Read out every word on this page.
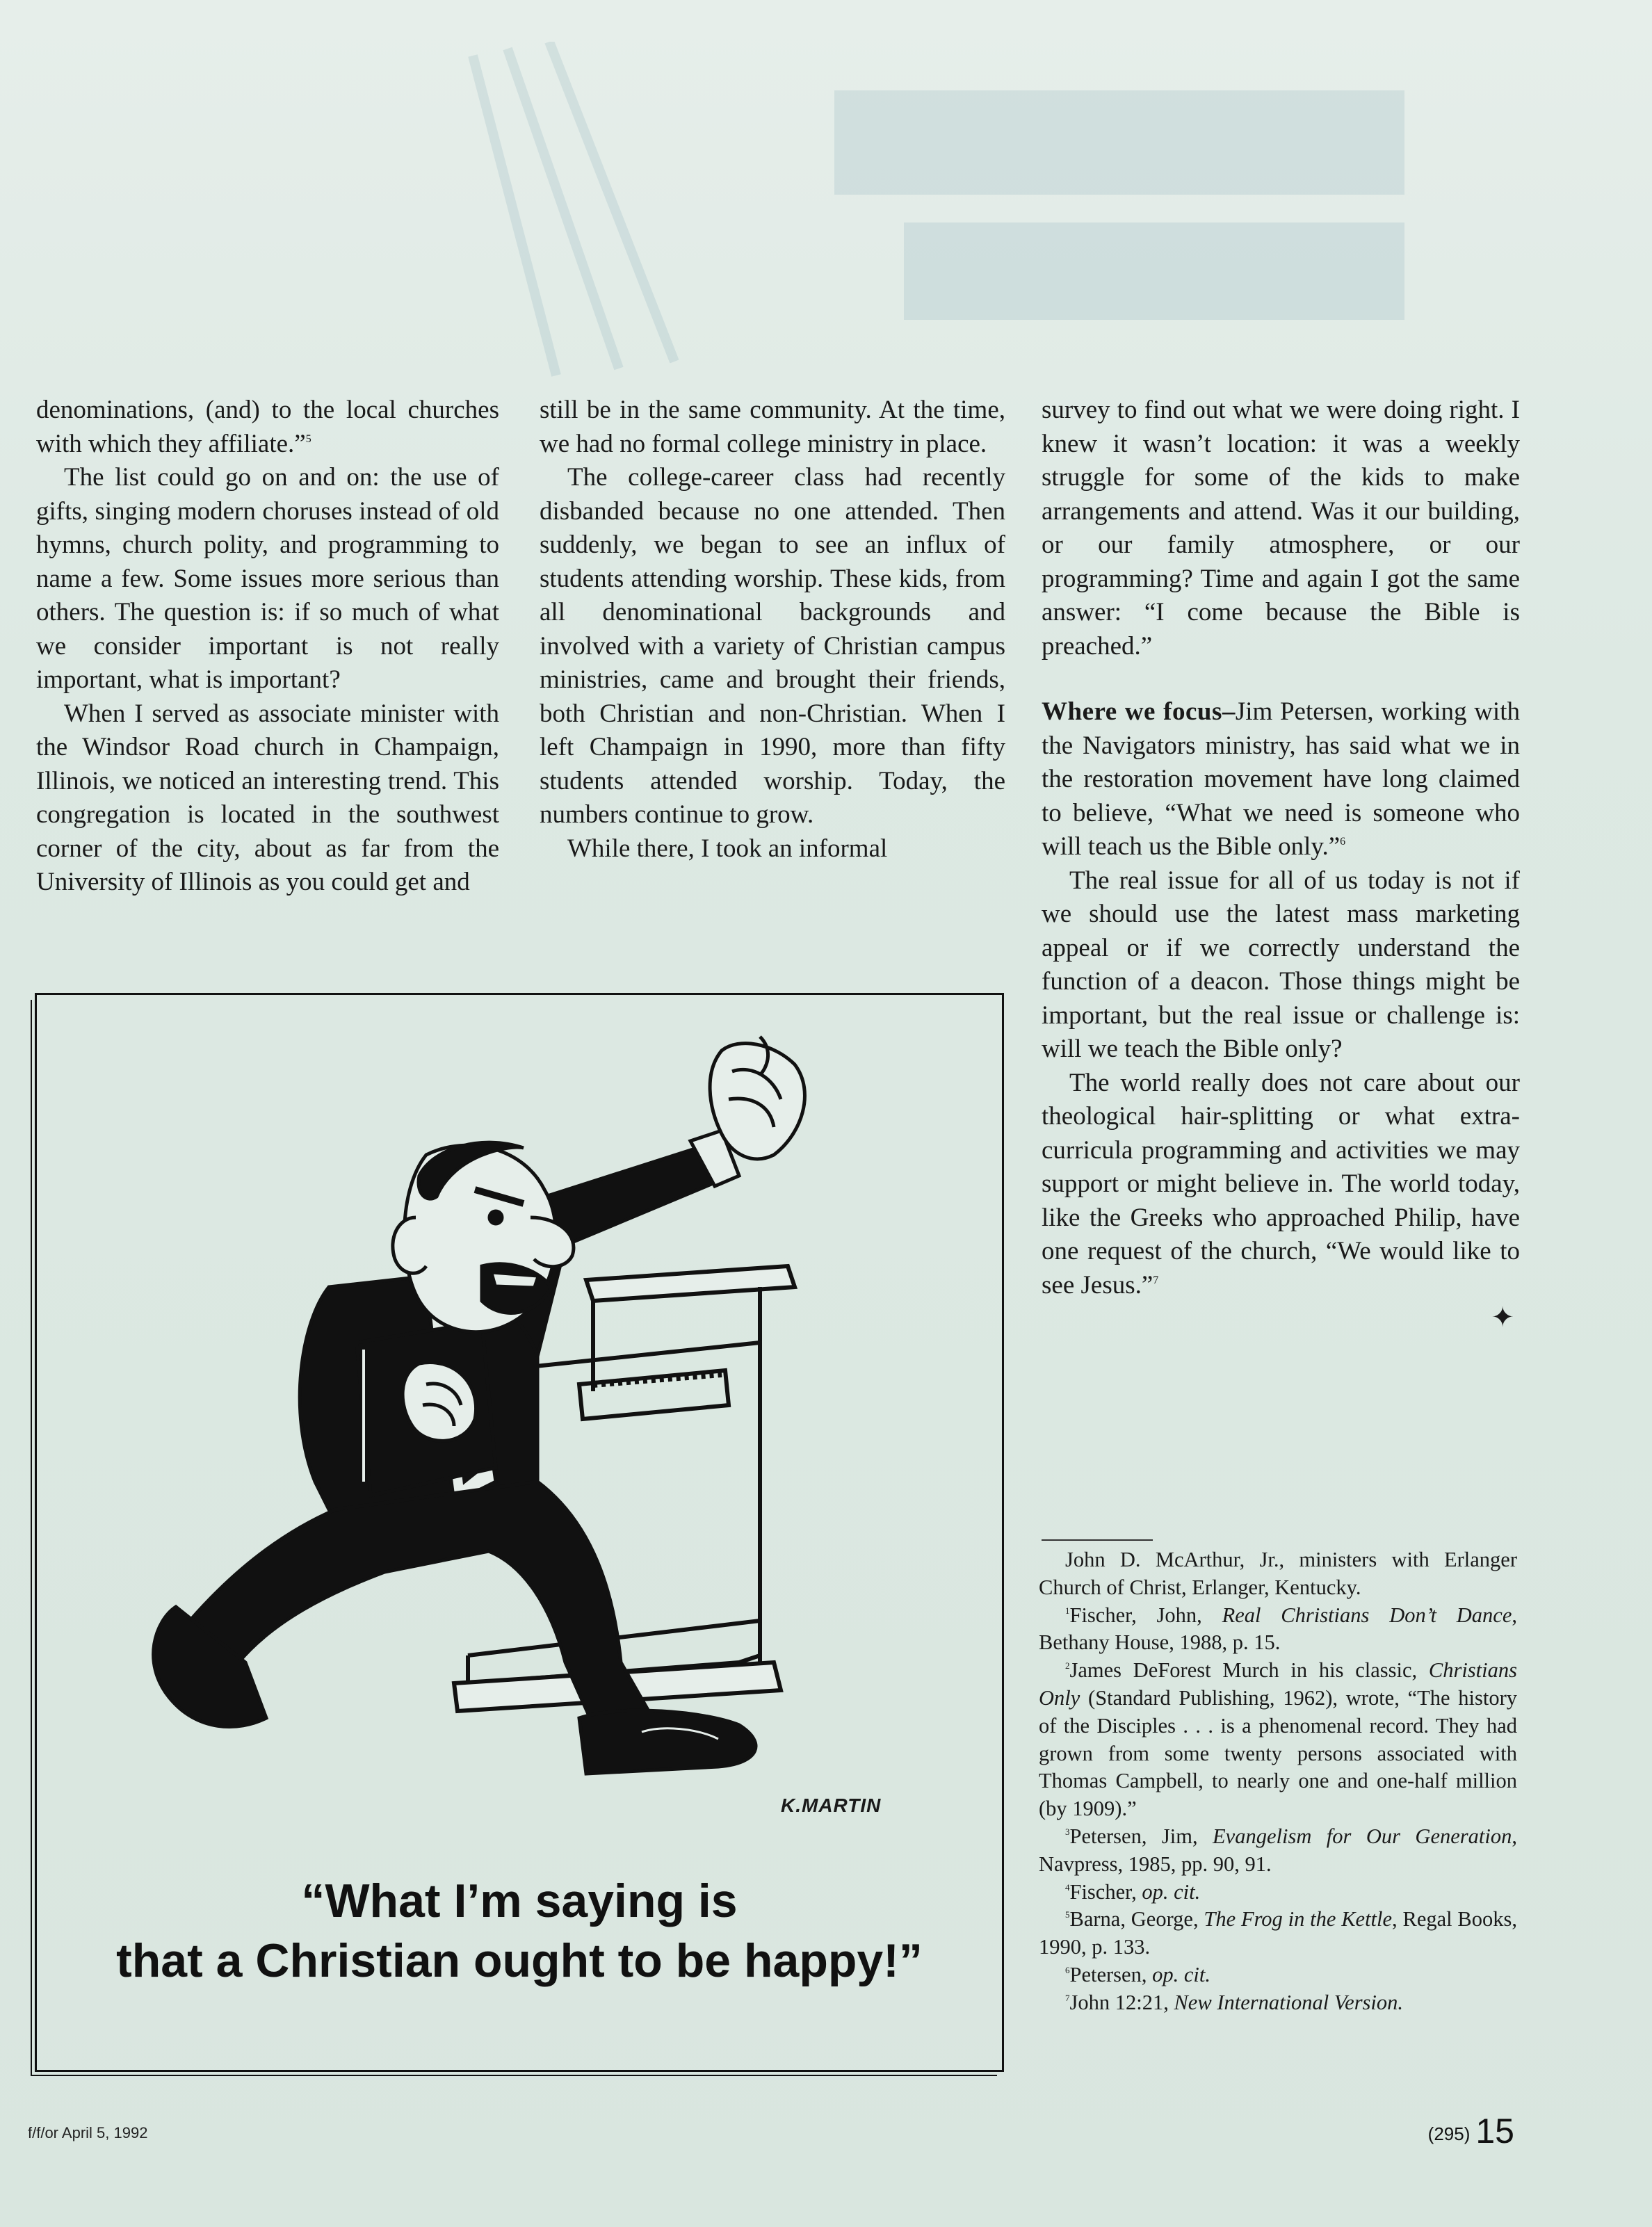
denominations, (and) to the local churches with which they affiliate.”$^5$

The list could go on and on: the use of gifts, singing modern choruses instead of old hymns, church polity, and programming to name a few. Some issues more serious than others. The question is: if so much of what we consider important is not really important, what is important?

When I served as associate minister with the Windsor Road church in Champaign, Illinois, we noticed an interesting trend. This congregation is located in the southwest corner of the city, about as far from the University of Illinois as you could get and

still be in the same community. At the time, we had no formal college ministry in place.

The college-career class had recently disbanded because no one attended. Then suddenly, we began to see an influx of students attending worship. These kids, from all denominational backgrounds and involved with a variety of Christian campus ministries, came and brought their friends, both Christian and non-Christian. When I left Champaign in 1990, more than fifty students attended worship. Today, the numbers continue to grow.

While there, I took an informal

survey to find out what we were doing right. I knew it wasn’t location: it was a weekly struggle for some of the kids to make arrangements and attend. Was it our building, or our family atmosphere, or our programming? Time and again I got the same answer: “I come because the Bible is preached.”

Where we focus–Jim Petersen, working with the Navigators ministry, has said what we in the restoration movement have long claimed to believe, “What we need is someone who will teach us the Bible only.”$^6$

The real issue for all of us today is not if we should use the latest mass marketing appeal or if we correctly understand the function of a deacon. Those things might be important, but the real issue or challenge is: will we teach the Bible only?

The world really does not care about our theological hair-splitting or what extra-curricula programming and activities we may support or might believe in. The world today, like the Greeks who approached Philip, have one request of the church, “We would like to see Jesus.”$^7$

✦

John D. McArthur, Jr., ministers with Erlanger Church of Christ, Erlanger, Kentucky.

$^1$Fischer, John, Real Christians Don’t Dance, Bethany House, 1988, p. 15.

$^2$James DeForest Murch in his classic, Christians Only (Standard Publishing, 1962), wrote, “The history of the Disciples . . . is a phenomenal record. They had grown from some twenty persons associated with Thomas Campbell, to nearly one and one-half million (by 1909).”

$^3$Petersen, Jim, Evangelism for Our Generation, Navpress, 1985, pp. 90, 91.

$^4$Fischer, op. cit.

$^5$Barna, George, The Frog in the Kettle, Regal Books, 1990, p. 133.

$^6$Petersen, op. cit.

$^7$John 12:21, New International Version.

K.MARTIN
“What I’m saying is
that a Christian ought to be happy!”
f/f/or April 5, 1992	(295) 15
